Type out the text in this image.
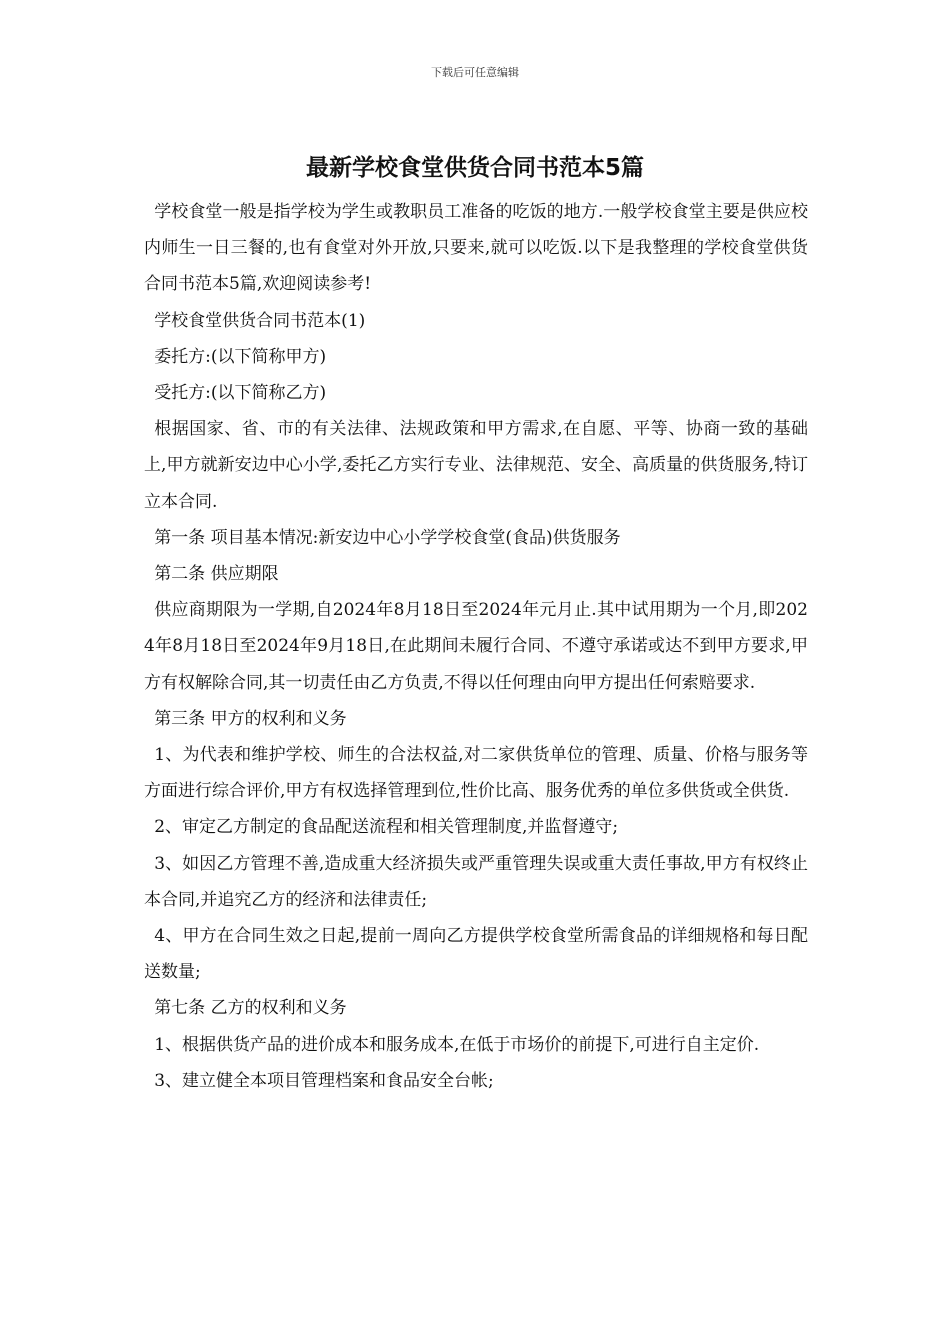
下载后可任意编辑
最新学校食堂供货合同书范本5篇

学校食堂一般是指学校为学生或教职员工准备的吃饭的地方.一般学校食堂主要是供应校内师生一日三餐的,也有食堂对外开放,只要来,就可以吃饭.以下是我整理的学校食堂供货合同书范本5篇,欢迎阅读参考!

学校食堂供货合同书范本(1)

委托方:(以下简称甲方)

受托方:(以下简称乙方)

根据国家、省、市的有关法律、法规政策和甲方需求,在自愿、平等、协商一致的基础上,甲方就新安边中心小学,委托乙方实行专业、法律规范、安全、高质量的供货服务,特订立本合同.

第一条 项目基本情况:新安边中心小学学校食堂(食品)供货服务

第二条 供应期限

供应商期限为一学期,自2024年8月18日至2024年元月止.其中试用期为一个月,即2024年8月18日至2024年9月18日,在此期间未履行合同、不遵守承诺或达不到甲方要求,甲方有权解除合同,其一切责任由乙方负责,不得以任何理由向甲方提出任何索赔要求.

第三条 甲方的权利和义务

1、为代表和维护学校、师生的合法权益,对二家供货单位的管理、质量、价格与服务等方面进行综合评价,甲方有权选择管理到位,性价比高、服务优秀的单位多供货或全供货.

2、审定乙方制定的食品配送流程和相关管理制度,并监督遵守;

3、如因乙方管理不善,造成重大经济损失或严重管理失误或重大责任事故,甲方有权终止本合同,并追究乙方的经济和法律责任;

4、甲方在合同生效之日起,提前一周向乙方提供学校食堂所需食品的详细规格和每日配送数量;

第七条 乙方的权利和义务

1、根据供货产品的进价成本和服务成本,在低于市场价的前提下,可进行自主定价.

3、建立健全本项目管理档案和食品安全台帐;
